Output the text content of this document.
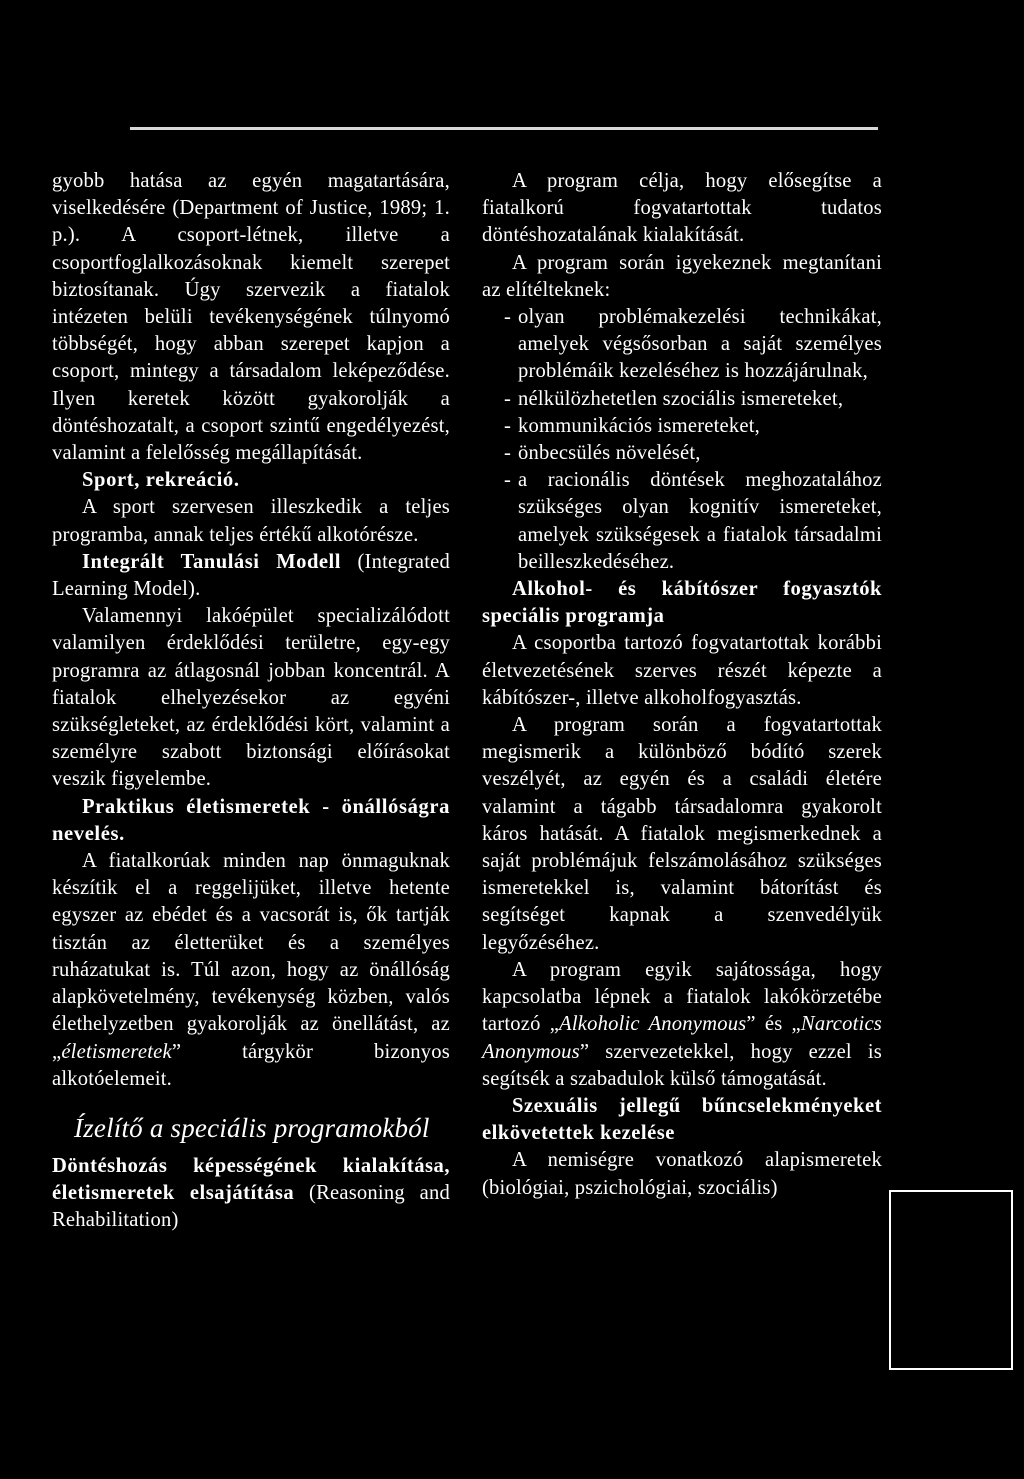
gyobb hatása az egyén magatartására, viselkedésére (Department of Justice, 1989; 1. p.). A csoport-létnek, illetve a csoportfoglalkozásoknak kiemelt szerepet biztosítanak. Úgy szervezik a fiatalok intézeten belüli tevékenységének túlnyomó többségét, hogy abban szerepet kapjon a csoport, mintegy a társadalom leképeződése. Ilyen keretek között gyakorolják a döntéshozatalt, a csoport szintű engedélyezést, valamint a felelősség megállapítását.

Sport, rekreáció.

A sport szervesen illeszkedik a teljes programba, annak teljes értékű alkotórésze.

Integrált Tanulási Modell (Integrated Learning Model).

Valamennyi lakóépület specializálódott valamilyen érdeklődési területre, egy-egy programra az átlagosnál jobban koncentrál. A fiatalok elhelyezésekor az egyéni szükségleteket, az érdeklődési kört, valamint a személyre szabott biztonsági előírásokat veszik figyelembe.

Praktikus életismeretek - önállóságra nevelés.

A fiatalkorúak minden nap önmaguknak készítik el a reggelijüket, illetve hetente egyszer az ebédet és a vacsorát is, ők tartják tisztán az életterüket és a személyes ruházatukat is. Túl azon, hogy az önállóság alapkövetelmény, tevékenység közben, valós élethelyzetben gyakorolják az önellátást, az „életismeretek” tárgykör bizonyos alkotóelemeit.

Ízelítő a speciális programokból

Döntéshozás képességének kialakítása, életismeretek elsajátítása (Reasoning and Rehabilitation)

A program célja, hogy elősegítse a fiatalkorú fogvatartottak tudatos döntéshozatalának kialakítását.

A program során igyekeznek megtanítani az elítélteknek:

- olyan problémakezelési technikákat, amelyek végsősorban a saját személyes problémáik kezeléséhez is hozzájárulnak,

- nélkülözhetetlen szociális ismereteket,

- kommunikációs ismereteket,

- önbecsülés növelését,

- a racionális döntések meghozatalához szükséges olyan kognitív ismereteket, amelyek szükségesek a fiatalok társadalmi beilleszkedéséhez.

Alkohol- és kábítószer fogyasztók speciális programja

A csoportba tartozó fogvatartottak korábbi életvezetésének szerves részét képezte a kábítószer-, illetve alkoholfogyasztás.

A program során a fogvatartottak megismerik a különböző bódító szerek veszélyét, az egyén és a családi életére valamint a tágabb társadalomra gyakorolt káros hatását. A fiatalok megismerkednek a saját problémájuk felszámolásához szükséges ismeretekkel is, valamint bátorítást és segítséget kapnak a szenvedélyük legyőzéséhez.

A program egyik sajátossága, hogy kapcsolatba lépnek a fiatalok lakókörzetébe tartozó „Alkoholic Anonymous” és „Narcotics Anonymous” szervezetekkel, hogy ezzel is segítsék a szabadulok külső támogatását.

Szexuális jellegű bűncselekményeket elkövetettek kezelése

A nemiségre vonatkozó alapismeretek (biológiai, pszichológiai, szociális)
